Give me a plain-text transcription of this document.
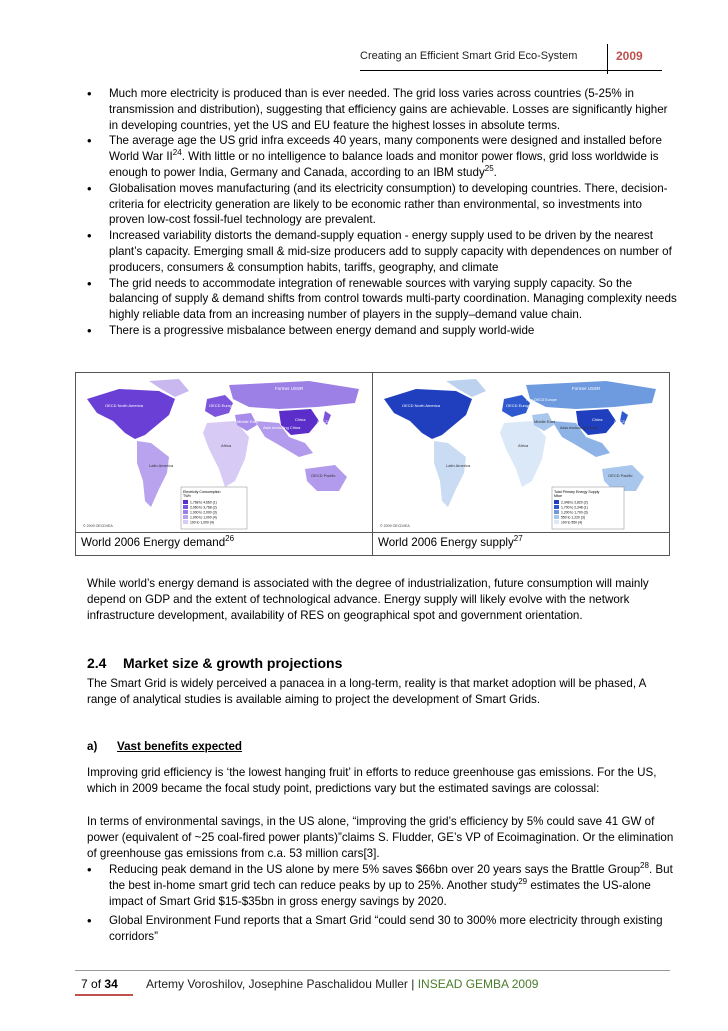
Creating an Efficient Smart Grid Eco-System	2009
• Much more electricity is produced than is ever needed. The grid loss varies across countries (5-25% in transmission and distribution), suggesting that efficiency gains are achievable. Losses are significantly higher in developing countries, yet the US and EU feature the highest losses in absolute terms.
• The average age the US grid infra exceeds 40 years, many components were designed and installed before World War II$^{24}$. With little or no intelligence to balance loads and monitor power flows, grid loss worldwide is enough to power India, Germany and Canada, according to an IBM study$^{25}$.
• Globalisation moves manufacturing (and its electricity consumption) to developing countries. There, decision-criteria for electricity generation are likely to be economic rather than environmental, so investments into proven low-cost fossil-fuel technology are prevalent.
• Increased variability distorts the demand-supply equation - energy supply used to be driven by the nearest plant’s capacity. Emerging small & mid-size producers add to supply capacity with dependences on number of producers, consumers & consumption habits, tariffs, geography, and climate
• The grid needs to accommodate integration of renewable sources with varying supply capacity. So the balancing of supply & demand shifts from control towards multi-party coordination. Managing complexity needs highly reliable data from an increasing number of players in the supply–demand value chain.
• There is a progressive misbalance between energy demand and supply world-wide
Former USSR
OECD North America	OECD Europe
Middle East
Asia excluding China
China	OECD Pacific
Africa
Latin America
OECD Pacific
Electricity Consumption
TWh
1,768 to 4,660 (1)
2,060 to 3,768 (2)
1,000 to 2,000 (3)
1,000 to 1,000 (4)
100 to 1,000 (4)
© 2009 OECD/IEA
Former USSR
OECD North America	OECD Europe
Non-OECD Europe
Middle East
Asia excluding China
China	OECD Pacific
Africa
Latin America
OECD Pacific
Total Primary Energy Supply
Mtoe
2,348 to 2,820 (2)
1,700 to 2,348 (1)
1,200 to 1,700 (3)
550 to 1,220 (3)
100 to 550 (4)
© 2009 OECD/IEA
World 2006 Energy demand$^{26}$	World 2006 Energy supply$^{27}$

While world’s energy demand is associated with the degree of industrialization, future consumption will mainly depend on GDP and the extent of technological advance. Energy supply will likely evolve with the network infrastructure development, availability of RES on geographical spot and government orientation.

2.4 Market size & growth projections

The Smart Grid is widely perceived a panacea in a long-term, reality is that market adoption will be phased, A range of analytical studies is available aiming to project the development of Smart Grids.

a) Vast benefits expected

Improving grid efficiency is ‘the lowest hanging fruit’ in efforts to reduce greenhouse gas emissions. For the US, which in 2009 became the focal study point, predictions vary but the estimated savings are colossal:

In terms of environmental savings, in the US alone, “improving the grid’s efficiency by 5% could save 41 GW of power (equivalent of ~25 coal-fired power plants)”claims S. Fludder, GE’s VP of Ecoimagination. Or the elimination of greenhouse gas emissions from c.a. 53 million cars[3].

• Reducing peak demand in the US alone by mere 5% saves $66bn over 20 years says the Brattle Group$^{28}$. But the best in-home smart grid tech can reduce peaks by up to 25%. Another study$^{29}$ estimates the US-alone impact of Smart Grid $15-$35bn in gross energy savings by 2020.
• Global Environment Fund reports that a Smart Grid “could send 30 to 300% more electricity through existing corridors”
7 of 34	Artemy Voroshilov, Josephine Paschalidou Muller | INSEAD GEMBA 2009
